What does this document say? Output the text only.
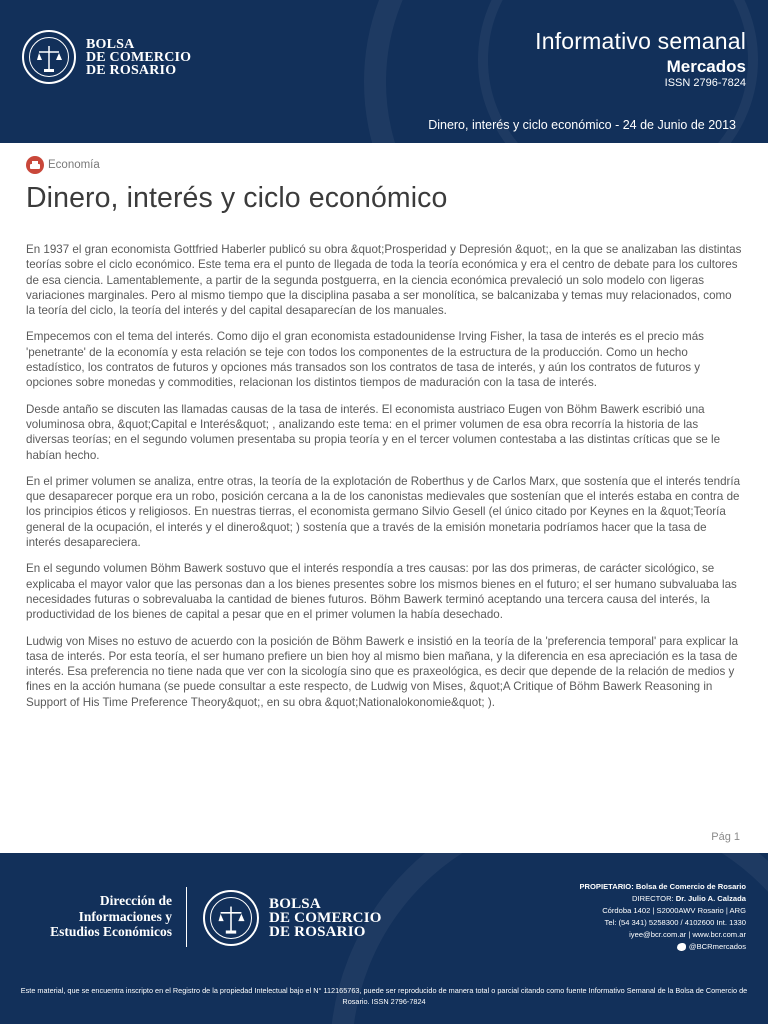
BOLSA
DE COMERCIO
DE ROSARIO
Informativo semanal
Mercados
ISSN 2796-7824
Dinero, interés y ciclo económico - 24 de Junio de 2013
Economía
Dinero, interés y ciclo económico

En 1937 el gran economista Gottfried Haberler publicó su obra &quot;Prosperidad y Depresión &quot;, en la que se analizaban las distintas teorías sobre el ciclo económico. Este tema era el punto de llegada de toda la teoría económica y era el centro de debate para los cultores de esa ciencia. Lamentablemente, a partir de la segunda postguerra, en la ciencia económica prevaleció un solo modelo con ligeras variaciones marginales. Pero al mismo tiempo que la disciplina pasaba a ser monolítica, se balcanizaba y temas muy relacionados, como la teoría del ciclo, la teoría del interés y del capital desaparecían de los manuales.

Empecemos con el tema del interés. Como dijo el gran economista estadounidense Irving Fisher, la tasa de interés es el precio más 'penetrante' de la economía y esta relación se teje con todos los componentes de la estructura de la producción. Como un hecho estadístico, los contratos de futuros y opciones más transados son los contratos de tasa de interés, y aún los contratos de futuros y opciones sobre monedas y commodities, relacionan los distintos tiempos de maduración con la tasa de interés.

Desde antaño se discuten las llamadas causas de la tasa de interés. El economista austriaco Eugen von Böhm Bawerk escribió una voluminosa obra, &quot;Capital e Interés&quot; , analizando este tema: en el primer volumen de esa obra recorría la historia de las diversas teorías; en el segundo volumen presentaba su propia teoría y en el tercer volumen contestaba a las distintas críticas que se le habían hecho.

En el primer volumen se analiza, entre otras, la teoría de la explotación de Roberthus y de Carlos Marx, que sostenía que el interés tendría que desaparecer porque era un robo, posición cercana a la de los canonistas medievales que sostenían que el interés estaba en contra de los principios éticos y religiosos. En nuestras tierras, el economista germano Silvio Gesell (el único citado por Keynes en la &quot;Teoría general de la ocupación, el interés y el dinero&quot; ) sostenía que a través de la emisión monetaria podríamos hacer que la tasa de interés desapareciera.

En el segundo volumen Böhm Bawerk sostuvo que el interés respondía a tres causas: por las dos primeras, de carácter sicológico, se explicaba el mayor valor que las personas dan a los bienes presentes sobre los mismos bienes en el futuro; el ser humano subvaluaba las necesidades futuras o sobrevaluaba la cantidad de bienes futuros. Böhm Bawerk terminó aceptando una tercera causa del interés, la productividad de los bienes de capital a pesar que en el primer volumen la había desechado.

Ludwig von Mises no estuvo de acuerdo con la posición de Böhm Bawerk e insistió en la teoría de la 'preferencia temporal' para explicar la tasa de interés. Por esta teoría, el ser humano prefiere un bien hoy al mismo bien mañana, y la diferencia en esa apreciación es la tasa de interés. Esa preferencia no tiene nada que ver con la sicología sino que es praxeológica, es decir que depende de la relación de medios y fines en la acción humana (se puede consultar a este respecto, de Ludwig von Mises, &quot;A Critique of Böhm Bawerk Reasoning in Support of His Time Preference Theory&quot;, en su obra &quot;Nationalokonomie&quot; ).

Pág 1
Dirección de
Informaciones y
Estudios Económicos
BOLSA
DE COMERCIO
DE ROSARIO
PROPIETARIO: Bolsa de Comercio de Rosario
DIRECTOR: Dr. Julio A. Calzada
Córdoba 1402 | S2000AWV Rosario | ARG
Tel: (54 341) 5258300 / 4102600 Int. 1330
iyee@bcr.com.ar | www.bcr.com.ar
@BCRmercados
Este material, que se encuentra inscripto en el Registro de la propiedad Intelectual bajo el N° 112165763, puede ser reproducido de manera total o parcial citando como fuente Informativo Semanal de la Bolsa de Comercio de Rosario. ISSN 2796-7824
